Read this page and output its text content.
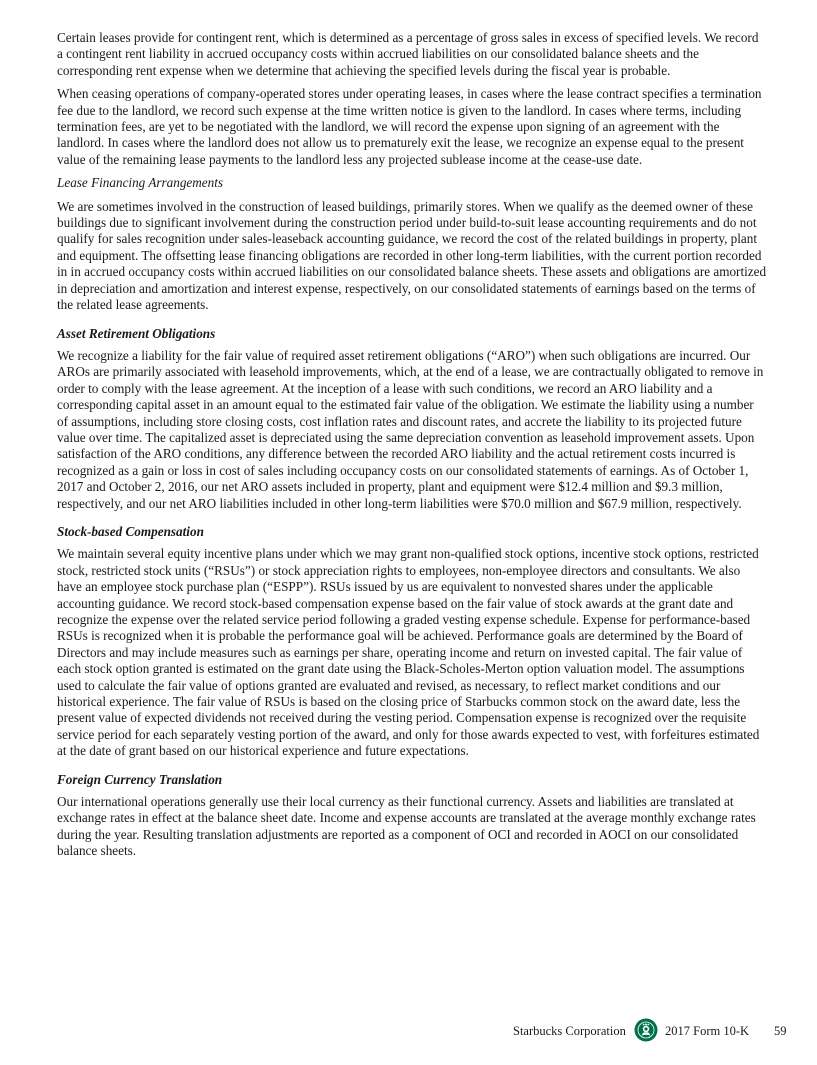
Certain leases provide for contingent rent, which is determined as a percentage of gross sales in excess of specified levels. We record a contingent rent liability in accrued occupancy costs within accrued liabilities on our consolidated balance sheets and the corresponding rent expense when we determine that achieving the specified levels during the fiscal year is probable.

When ceasing operations of company-operated stores under operating leases, in cases where the lease contract specifies a termination fee due to the landlord, we record such expense at the time written notice is given to the landlord. In cases where terms, including termination fees, are yet to be negotiated with the landlord, we will record the expense upon signing of an agreement with the landlord. In cases where the landlord does not allow us to prematurely exit the lease, we recognize an expense equal to the present value of the remaining lease payments to the landlord less any projected sublease income at the cease-use date.

Lease Financing Arrangements

We are sometimes involved in the construction of leased buildings, primarily stores. When we qualify as the deemed owner of these buildings due to significant involvement during the construction period under build-to-suit lease accounting requirements and do not qualify for sales recognition under sales-leaseback accounting guidance, we record the cost of the related buildings in property, plant and equipment. The offsetting lease financing obligations are recorded in other long-term liabilities, with the current portion recorded in in accrued occupancy costs within accrued liabilities on our consolidated balance sheets. These assets and obligations are amortized in depreciation and amortization and interest expense, respectively, on our consolidated statements of earnings based on the terms of the related lease agreements.

Asset Retirement Obligations

We recognize a liability for the fair value of required asset retirement obligations (“ARO”) when such obligations are incurred. Our AROs are primarily associated with leasehold improvements, which, at the end of a lease, we are contractually obligated to remove in order to comply with the lease agreement. At the inception of a lease with such conditions, we record an ARO liability and a corresponding capital asset in an amount equal to the estimated fair value of the obligation. We estimate the liability using a number of assumptions, including store closing costs, cost inflation rates and discount rates, and accrete the liability to its projected future value over time. The capitalized asset is depreciated using the same depreciation convention as leasehold improvement assets. Upon satisfaction of the ARO conditions, any difference between the recorded ARO liability and the actual retirement costs incurred is recognized as a gain or loss in cost of sales including occupancy costs on our consolidated statements of earnings. As of October 1, 2017 and October 2, 2016, our net ARO assets included in property, plant and equipment were $12.4 million and $9.3 million, respectively, and our net ARO liabilities included in other long-term liabilities were $70.0 million and $67.9 million, respectively.

Stock-based Compensation

We maintain several equity incentive plans under which we may grant non-qualified stock options, incentive stock options, restricted stock, restricted stock units (“RSUs”) or stock appreciation rights to employees, non-employee directors and consultants. We also have an employee stock purchase plan (“ESPP”). RSUs issued by us are equivalent to nonvested shares under the applicable accounting guidance. We record stock-based compensation expense based on the fair value of stock awards at the grant date and recognize the expense over the related service period following a graded vesting expense schedule. Expense for performance-based RSUs is recognized when it is probable the performance goal will be achieved. Performance goals are determined by the Board of Directors and may include measures such as earnings per share, operating income and return on invested capital. The fair value of each stock option granted is estimated on the grant date using the Black-Scholes-Merton option valuation model. The assumptions used to calculate the fair value of options granted are evaluated and revised, as necessary, to reflect market conditions and our historical experience. The fair value of RSUs is based on the closing price of Starbucks common stock on the award date, less the present value of expected dividends not received during the vesting period. Compensation expense is recognized over the requisite service period for each separately vesting portion of the award, and only for those awards expected to vest, with forfeitures estimated at the date of grant based on our historical experience and future expectations.

Foreign Currency Translation

Our international operations generally use their local currency as their functional currency. Assets and liabilities are translated at exchange rates in effect at the balance sheet date. Income and expense accounts are translated at the average monthly exchange rates during the year. Resulting translation adjustments are reported as a component of OCI and recorded in AOCI on our consolidated balance sheets.

Starbucks Corporation	2017 Form 10-K 59
